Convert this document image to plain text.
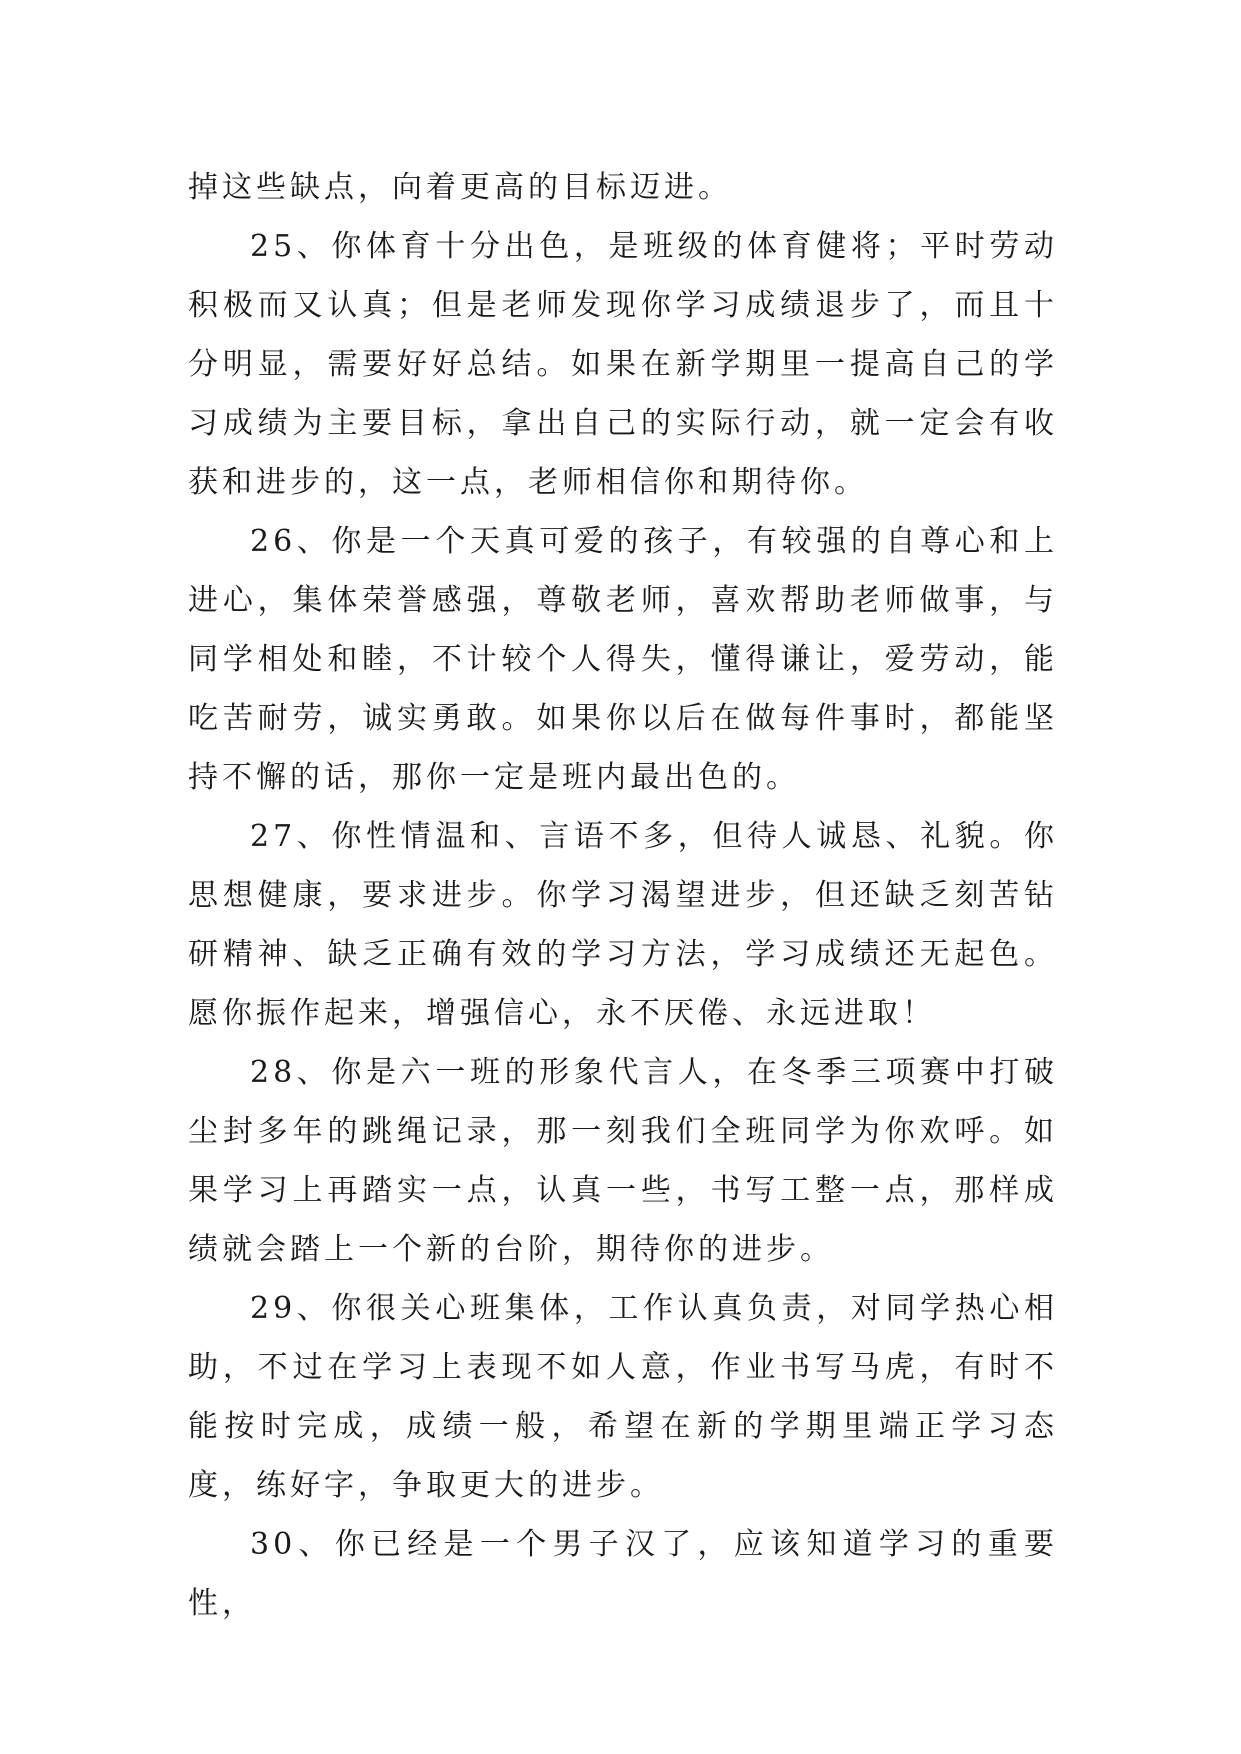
掉这些缺点，向着更高的目标迈进。

25、你体育十分出色，是班级的体育健将；平时劳动积极而又认真；但是老师发现你学习成绩退步了，而且十分明显，需要好好总结。如果在新学期里一提高自己的学习成绩为主要目标，拿出自己的实际行动，就一定会有收获和进步的，这一点，老师相信你和期待你。

26、你是一个天真可爱的孩子，有较强的自尊心和上进心，集体荣誉感强，尊敬老师，喜欢帮助老师做事，与同学相处和睦，不计较个人得失，懂得谦让，爱劳动，能吃苦耐劳，诚实勇敢。如果你以后在做每件事时，都能坚持不懈的话，那你一定是班内最出色的。

27、你性情温和、言语不多，但待人诚恳、礼貌。你思想健康，要求进步。你学习渴望进步，但还缺乏刻苦钻研精神、缺乏正确有效的学习方法，学习成绩还无起色。愿你振作起来，增强信心，永不厌倦、永远进取！

28、你是六一班的形象代言人，在冬季三项赛中打破尘封多年的跳绳记录，那一刻我们全班同学为你欢呼。如果学习上再踏实一点，认真一些，书写工整一点，那样成绩就会踏上一个新的台阶，期待你的进步。

29、你很关心班集体，工作认真负责，对同学热心相助，不过在学习上表现不如人意，作业书写马虎，有时不能按时完成，成绩一般，希望在新的学期里端正学习态度，练好字，争取更大的进步。

30、你已经是一个男子汉了，应该知道学习的重要性，
